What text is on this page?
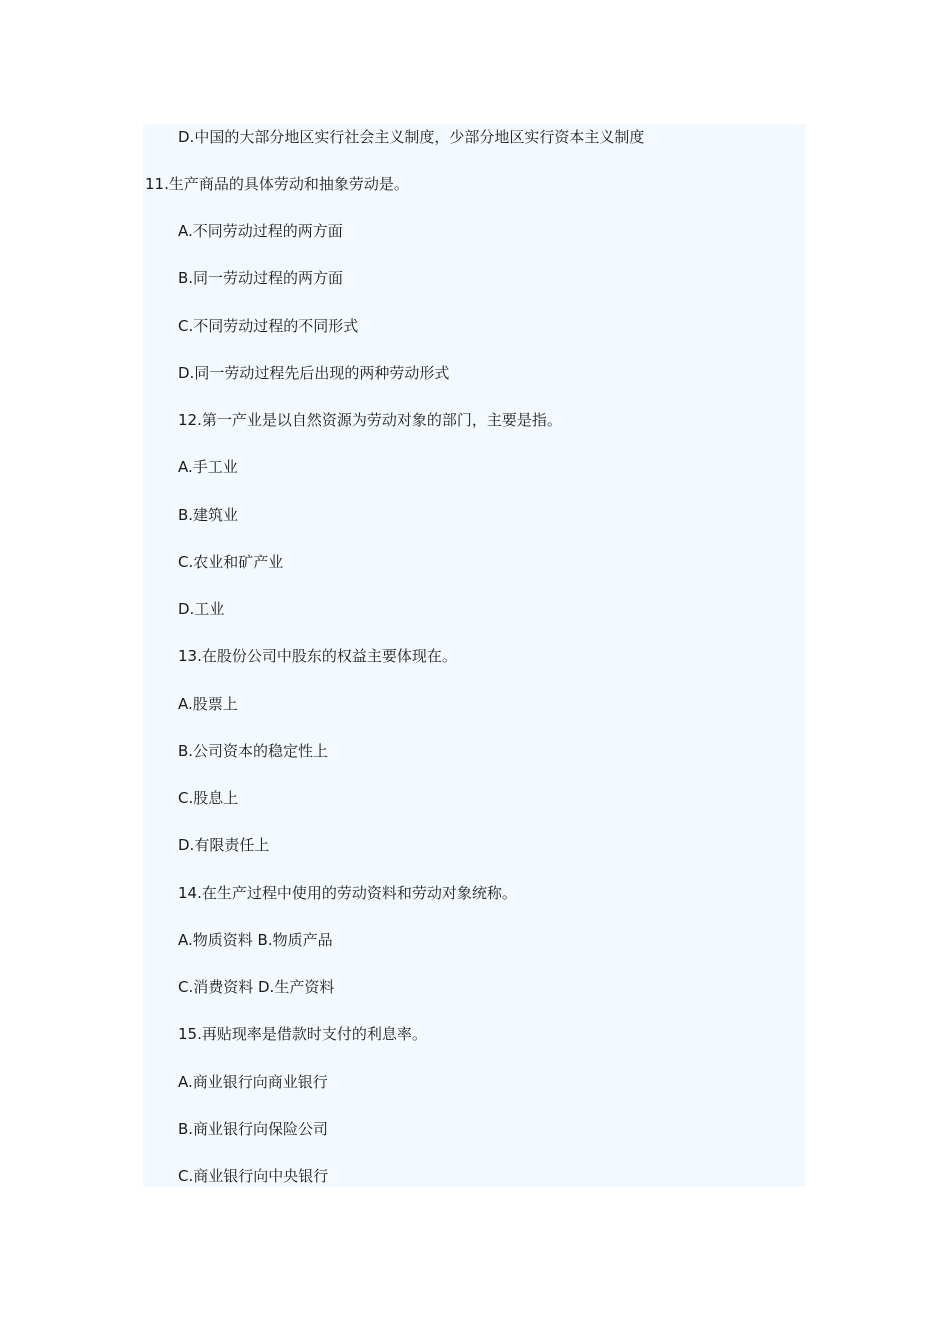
D.中国的大部分地区实行社会主义制度，少部分地区实行资本主义制度
11.生产商品的具体劳动和抽象劳动是。
A.不同劳动过程的两方面
B.同一劳动过程的两方面
C.不同劳动过程的不同形式
D.同一劳动过程先后出现的两种劳动形式
12.第一产业是以自然资源为劳动对象的部门，主要是指。
A.手工业
B.建筑业
C.农业和矿产业
D.工业
13.在股份公司中股东的权益主要体现在。
A.股票上
B.公司资本的稳定性上
C.股息上
D.有限责任上
14.在生产过程中使用的劳动资料和劳动对象统称。
A.物质资料 B.物质产品
C.消费资料 D.生产资料
15.再贴现率是借款时支付的利息率。
A.商业银行向商业银行
B.商业银行向保险公司
C.商业银行向中央银行
